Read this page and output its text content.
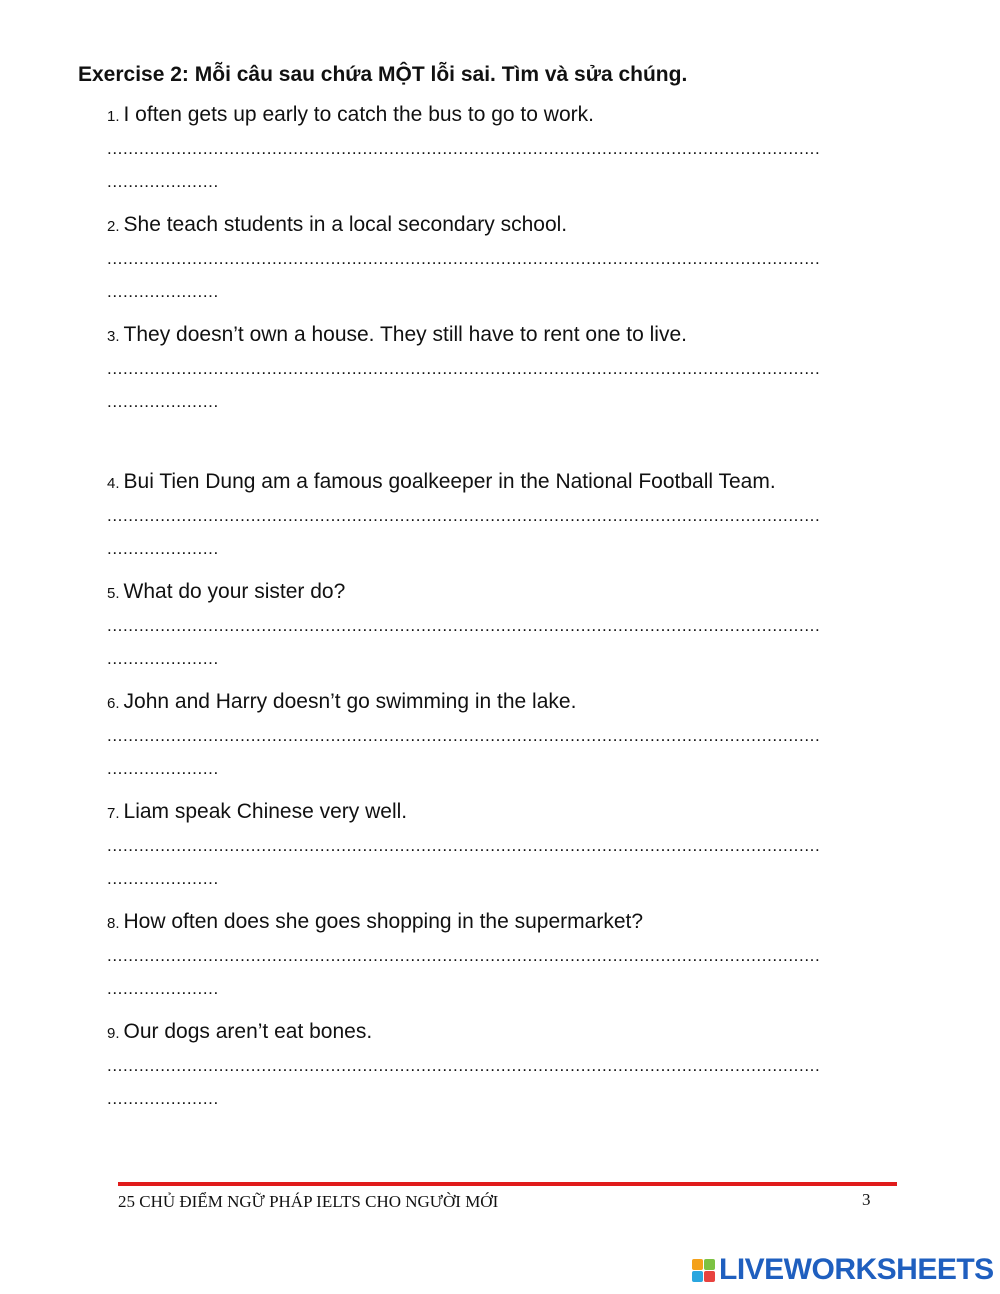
Exercise 2: Mỗi câu sau chứa MỘT lỗi sai. Tìm và sửa chúng.
1. I often gets up early to catch the bus to go to work.
......................................................................................................................................
.....................
2. She teach students in a local secondary school.
......................................................................................................................................
.....................
3. They doesn’t own a house. They still have to rent one to live.
......................................................................................................................................
.....................
4. Bui Tien Dung am a famous goalkeeper in the National Football Team.
......................................................................................................................................
.....................
5. What do your sister do?
......................................................................................................................................
.....................
6. John and Harry doesn’t go swimming in the lake.
......................................................................................................................................
.....................
7. Liam speak Chinese very well.
......................................................................................................................................
.....................
8. How often does she goes shopping in the supermarket?
......................................................................................................................................
.....................
9. Our dogs aren’t eat bones.
......................................................................................................................................
.....................
25 CHỦ ĐIỂM NGỮ PHÁP IELTS CHO NGƯỜI MỚI	3
LIVEWORKSHEETS
